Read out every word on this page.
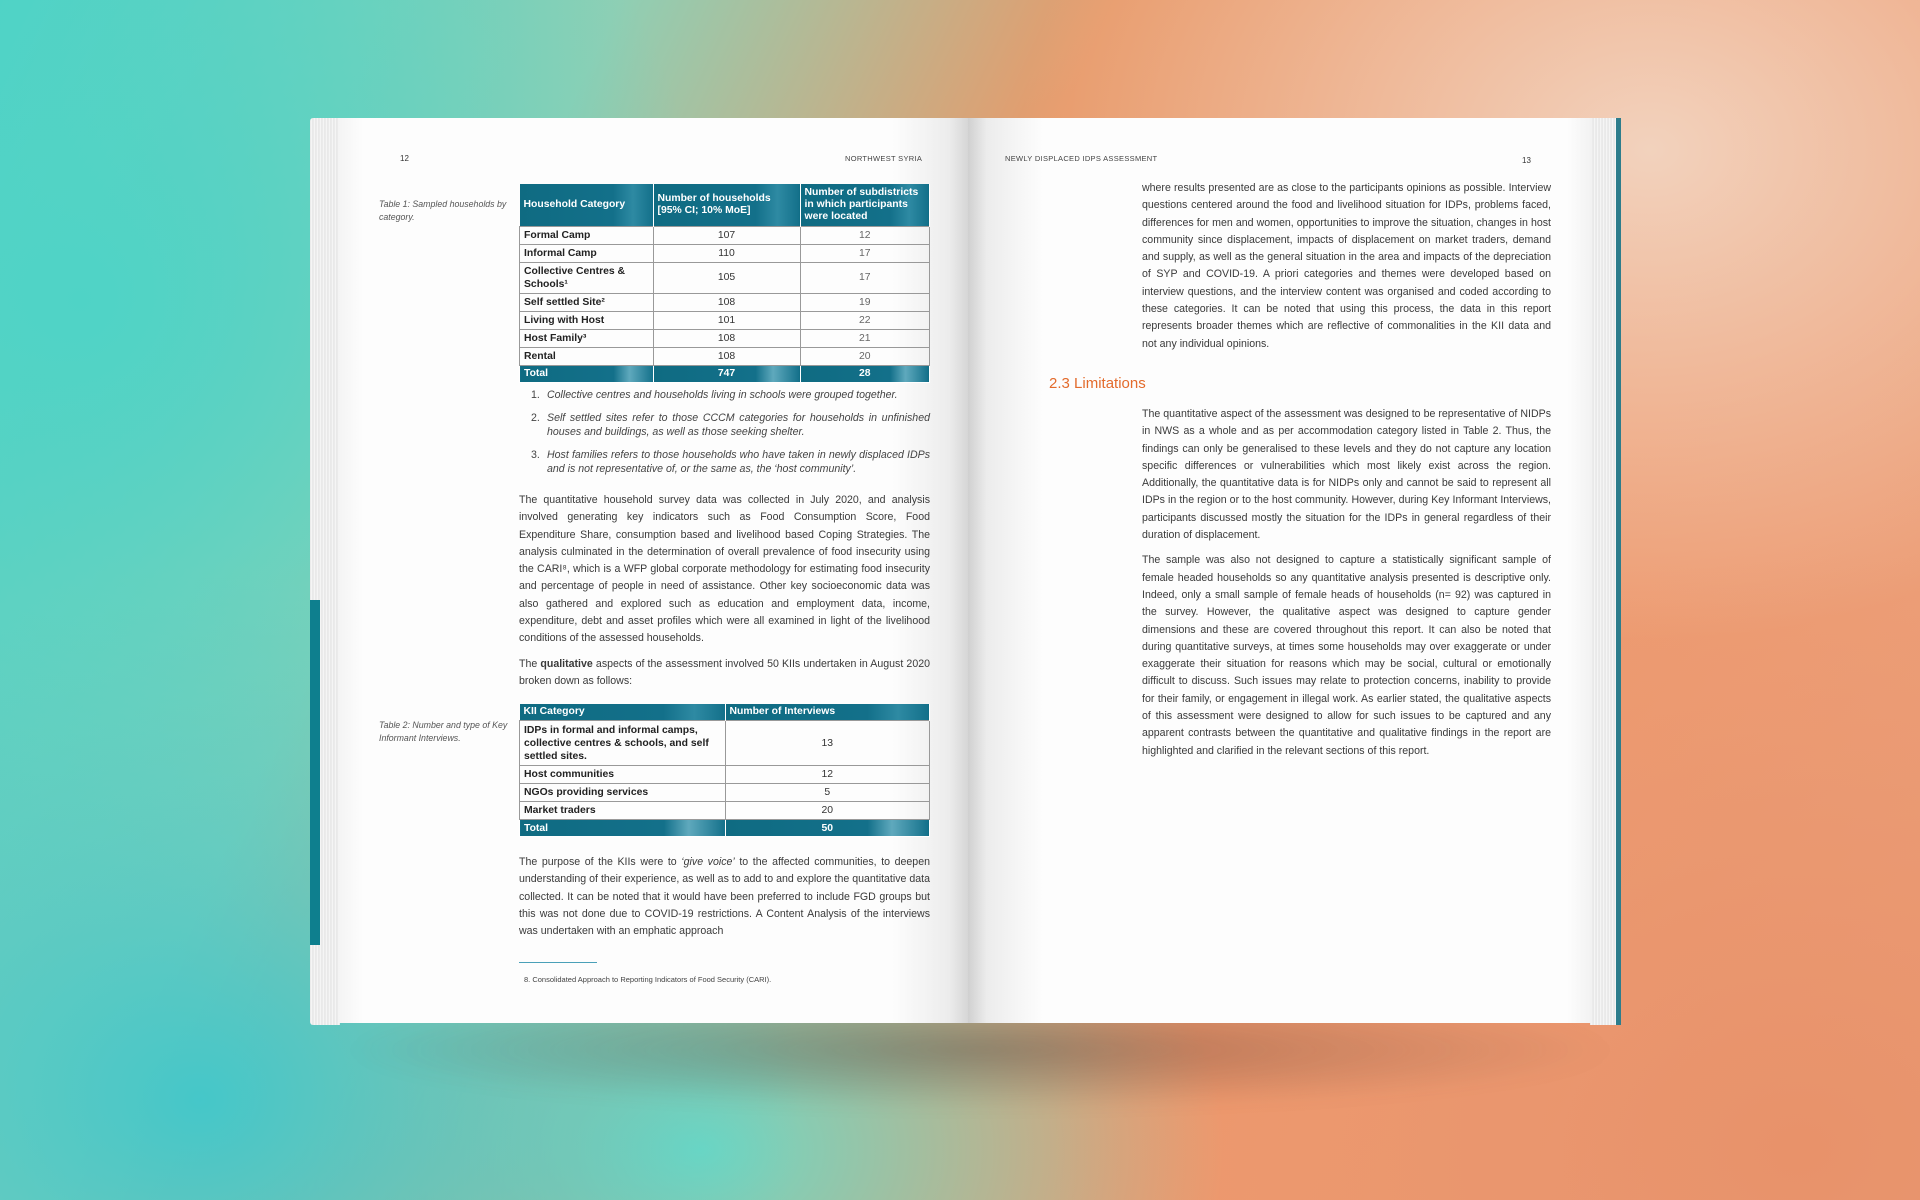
12	NORTHWEST SYRIA
Table 1: Sampled households by category.
Household Category	Number of households [95% CI; 10% MoE]	Number of subdistricts in which participants were located
Formal Camp	107	12
Informal Camp	110	17
Collective Centres & Schools¹	105	17
Self settled Site²	108	19
Living with Host	101	22
Host Family³	108	21
Rental	108	20
Total	747	28
1. Collective centres and households living in schools were grouped together.
2. Self settled sites refer to those CCCM categories for households in unfinished houses and buildings, as well as those seeking shelter.
3. Host families refers to those households who have taken in newly displaced IDPs and is not representative of, or the same as, the ‘host community’.

The quantitative household survey data was collected in July 2020, and analysis involved generating key indicators such as Food Consumption Score, Food Expenditure Share, consumption based and livelihood based Coping Strategies. The analysis culminated in the determination of overall prevalence of food insecurity using the CARI⁸, which is a WFP global corporate methodology for estimating food insecurity and percentage of people in need of assistance. Other key socioeconomic data was also gathered and explored such as education and employment data, income, expenditure, debt and asset profiles which were all examined in light of the livelihood conditions of the assessed households.

The qualitative aspects of the assessment involved 50 KIIs undertaken in August 2020 broken down as follows:

Table 2: Number and type of Key Informant Interviews.
KII Category	Number of Interviews
IDPs in formal and informal camps, collective centres & schools, and self settled sites.	13
Host communities	12
NGOs providing services	5
Market traders	20
Total	50

The purpose of the KIIs were to ‘give voice’ to the affected communities, to deepen understanding of their experience, as well as to add to and explore the quantitative data collected. It can be noted that it would have been preferred to include FGD groups but this was not done due to COVID-19 restrictions. A Content Analysis of the interviews was undertaken with an emphatic approach

8. Consolidated Approach to Reporting Indicators of Food Security (CARI).
NEWLY DISPLACED IDPS ASSESSMENT	13

where results presented are as close to the participants opinions as possible. Interview questions centered around the food and livelihood situation for IDPs, problems faced, differences for men and women, opportunities to improve the situation, changes in host community since displacement, impacts of displacement on market traders, demand and supply, as well as the general situation in the area and impacts of the depreciation of SYP and COVID-19. A priori categories and themes were developed based on interview questions, and the interview content was organised and coded according to these categories. It can be noted that using this process, the data in this report represents broader themes which are reflective of commonalities in the KII data and not any individual opinions.

2.3 Limitations

The quantitative aspect of the assessment was designed to be representative of NIDPs in NWS as a whole and as per accommodation category listed in Table 2. Thus, the findings can only be generalised to these levels and they do not capture any location specific differences or vulnerabilities which most likely exist across the region. Additionally, the quantitative data is for NIDPs only and cannot be said to represent all IDPs in the region or to the host community. However, during Key Informant Interviews, participants discussed mostly the situation for the IDPs in general regardless of their duration of displacement.

The sample was also not designed to capture a statistically significant sample of female headed households so any quantitative analysis presented is descriptive only. Indeed, only a small sample of female heads of households (n= 92) was captured in the survey. However, the qualitative aspect was designed to capture gender dimensions and these are covered throughout this report. It can also be noted that during quantitative surveys, at times some households may over exaggerate or under exaggerate their situation for reasons which may be social, cultural or emotionally difficult to discuss. Such issues may relate to protection concerns, inability to provide for their family, or engagement in illegal work. As earlier stated, the qualitative aspects of this assessment were designed to allow for such issues to be captured and any apparent contrasts between the quantitative and qualitative findings in the report are highlighted and clarified in the relevant sections of this report.
